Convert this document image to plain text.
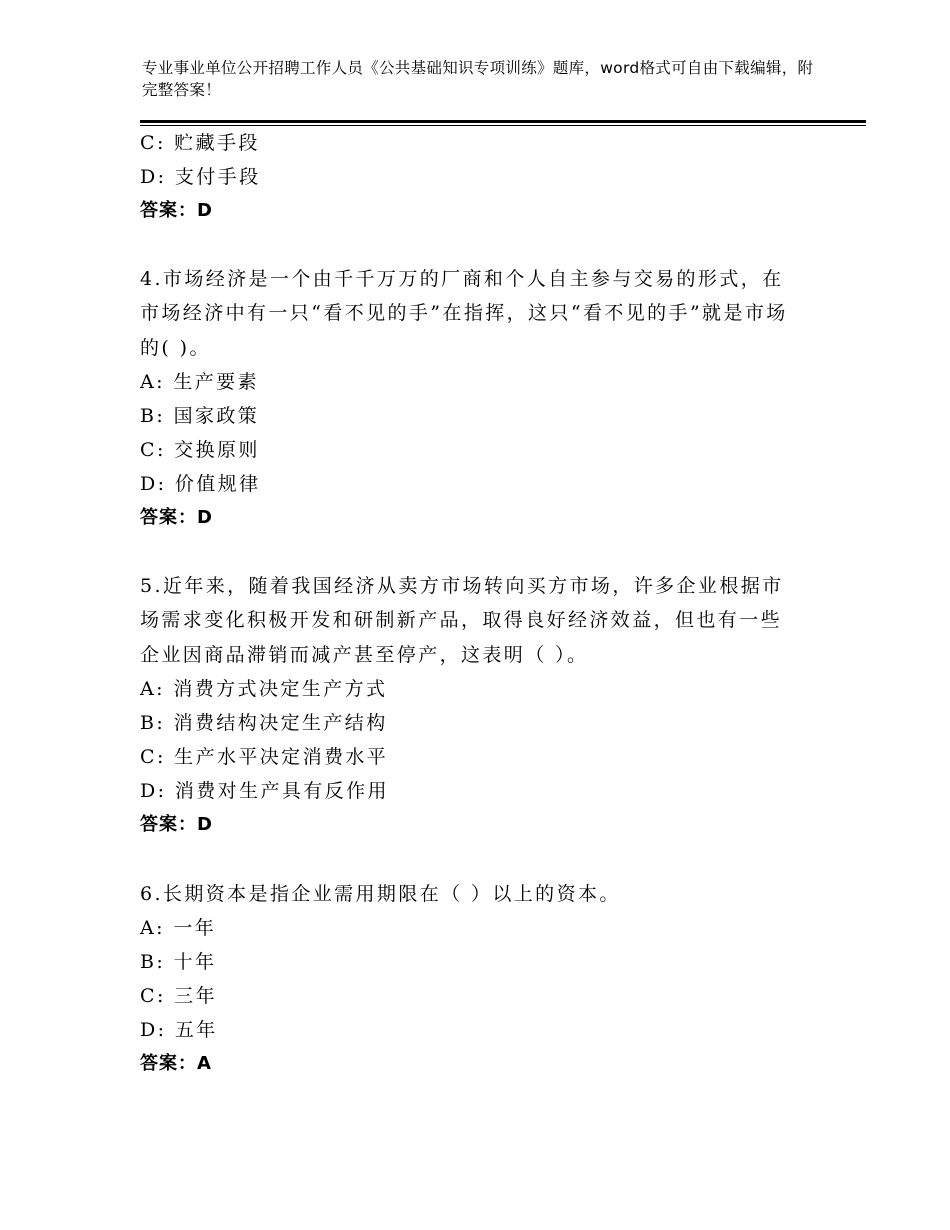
专业事业单位公开招聘工作人员《公共基础知识专项训练》题库，word格式可自由下载编辑，附完整答案！
C: 贮藏手段
D: 支付手段
答案：D
4.市场经济是一个由千千万万的厂商和个人自主参与交易的形式，在市场经济中有一只“看不见的手”在指挥，这只“看不见的手”就是市场的( )。
A: 生产要素
B: 国家政策
C: 交换原则
D: 价值规律
答案：D
5.近年来，随着我国经济从卖方市场转向买方市场，许多企业根据市场需求变化积极开发和研制新产品，取得良好经济效益，但也有一些企业因商品滞销而减产甚至停产，这表明（ ）。
A: 消费方式决定生产方式
B: 消费结构决定生产结构
C: 生产水平决定消费水平
D: 消费对生产具有反作用
答案：D
6.长期资本是指企业需用期限在（ ）以上的资本。
A: 一年
B: 十年
C: 三年
D: 五年
答案：A
